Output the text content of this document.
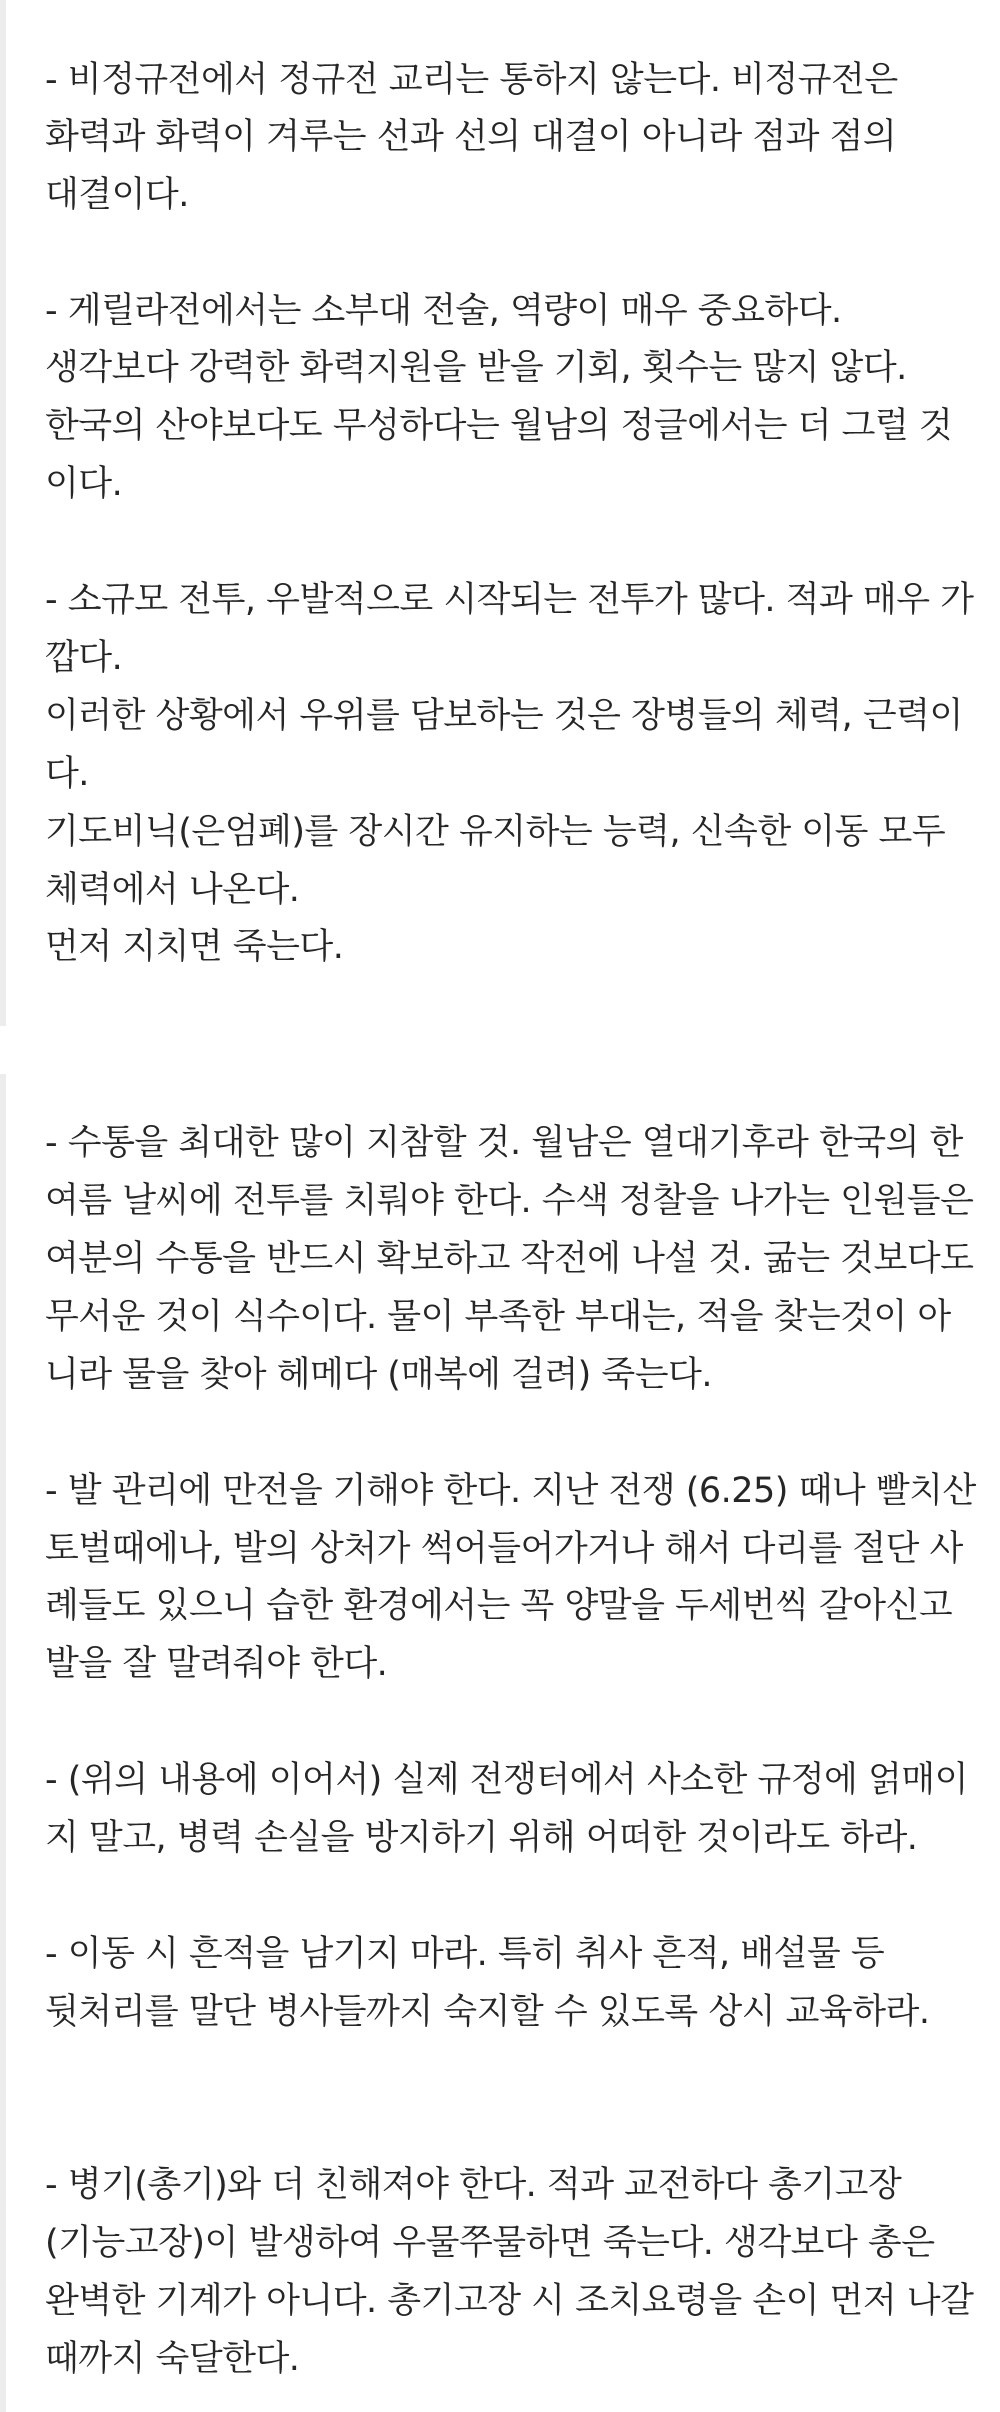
- 비정규전에서 정규전 교리는 통하지 않는다. 비정규전은
화력과 화력이 겨루는 선과 선의 대결이 아니라 점과 점의
대결이다.
- 게릴라전에서는 소부대 전술, 역량이 매우 중요하다.
생각보다 강력한 화력지원을 받을 기회, 횟수는 많지 않다.
한국의 산야보다도 무성하다는 월남의 정글에서는 더 그럴 것
이다.
- 소규모 전투, 우발적으로 시작되는 전투가 많다. 적과 매우 가
깝다.
이러한 상황에서 우위를 담보하는 것은 장병들의 체력, 근력이
다.
기도비닉(은엄폐)를 장시간 유지하는 능력, 신속한 이동 모두
체력에서 나온다.
먼저 지치면 죽는다.
- 수통을 최대한 많이 지참할 것. 월남은 열대기후라 한국의 한
여름 날씨에 전투를 치뤄야 한다. 수색 정찰을 나가는 인원들은
여분의 수통을 반드시 확보하고 작전에 나설 것. 굶는 것보다도
무서운 것이 식수이다. 물이 부족한 부대는, 적을 찾는것이 아
니라 물을 찾아 헤메다 (매복에 걸려) 죽는다.
- 발 관리에 만전을 기해야 한다. 지난 전쟁 (6.25) 때나 빨치산
토벌때에나, 발의 상처가 썩어들어가거나 해서 다리를 절단 사
례들도 있으니 습한 환경에서는 꼭 양말을 두세번씩 갈아신고
발을 잘 말려줘야 한다.
- (위의 내용에 이어서) 실제 전쟁터에서 사소한 규정에 얽매이
지 말고, 병력 손실을 방지하기 위해 어떠한 것이라도 하라.
- 이동 시 흔적을 남기지 마라. 특히 취사 흔적, 배설물 등
뒷처리를 말단 병사들까지 숙지할 수 있도록 상시 교육하라.
- 병기(총기)와 더 친해져야 한다. 적과 교전하다 총기고장
(기능고장)이 발생하여 우물쭈물하면 죽는다. 생각보다 총은
완벽한 기계가 아니다. 총기고장 시 조치요령을 손이 먼저 나갈
때까지 숙달한다.
